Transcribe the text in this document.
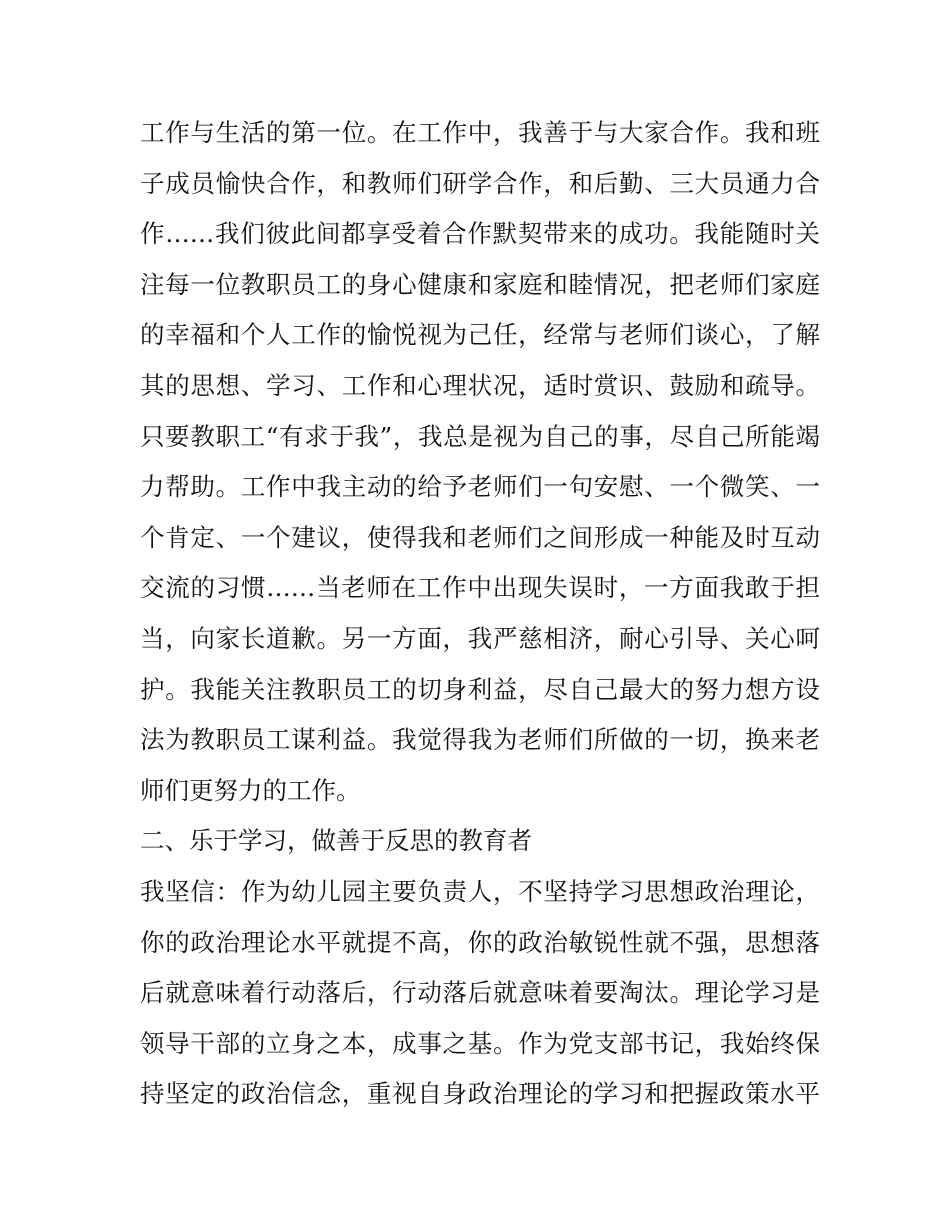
工作与生活的第一位。在工作中，我善于与大家合作。我和班
子成员愉快合作，和教师们研学合作，和后勤、三大员通力合
作……我们彼此间都享受着合作默契带来的成功。我能随时关
注每一位教职员工的身心健康和家庭和睦情况，把老师们家庭
的幸福和个人工作的愉悦视为己任，经常与老师们谈心，了解
其的思想、学习、工作和心理状况，适时赏识、鼓励和疏导。
只要教职工“有求于我”，我总是视为自己的事，尽自己所能竭
力帮助。工作中我主动的给予老师们一句安慰、一个微笑、一
个肯定、一个建议，使得我和老师们之间形成一种能及时互动
交流的习惯……当老师在工作中出现失误时，一方面我敢于担
当，向家长道歉。另一方面，我严慈相济，耐心引导、关心呵
护。我能关注教职员工的切身利益，尽自己最大的努力想方设
法为教职员工谋利益。我觉得我为老师们所做的一切，换来老
师们更努力的工作。
二、乐于学习，做善于反思的教育者
我坚信：作为幼儿园主要负责人，不坚持学习思想政治理论，
你的政治理论水平就提不高，你的政治敏锐性就不强，思想落
后就意味着行动落后，行动落后就意味着要淘汰。理论学习是
领导干部的立身之本，成事之基。作为党支部书记，我始终保
持坚定的政治信念，重视自身政治理论的学习和把握政策水平
